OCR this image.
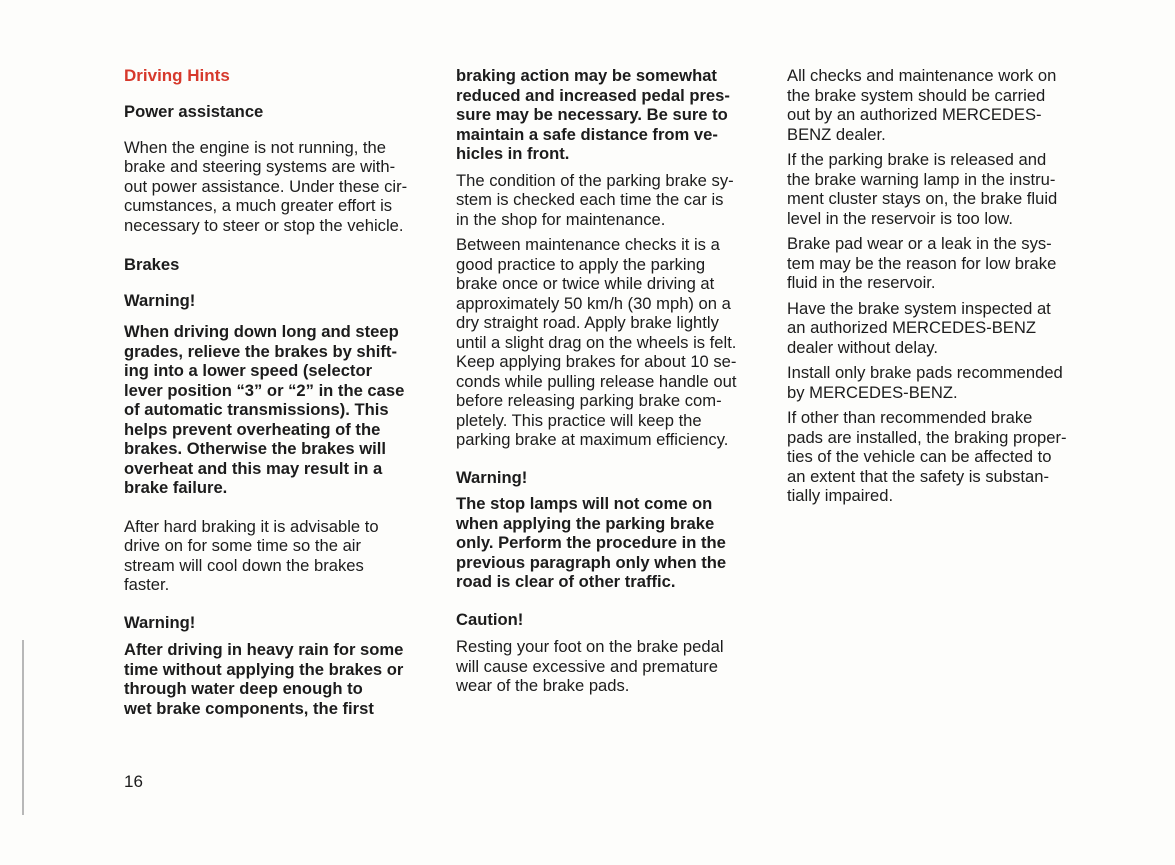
Driving Hints
Power assistance
When the engine is not running, the
brake and steering systems are with-
out power assistance. Under these cir-
cumstances, a much greater effort is
necessary to steer or stop the vehicle.
Brakes
Warning!
When driving down long and steep
grades, relieve the brakes by shift-
ing into a lower speed (selector
lever position “3” or “2” in the case
of automatic transmissions). This
helps prevent overheating of the
brakes. Otherwise the brakes will
overheat and this may result in a
brake failure.
After hard braking it is advisable to
drive on for some time so the air
stream will cool down the brakes
faster.
Warning!
After driving in heavy rain for some
time without applying the brakes or
through water deep enough to
wet brake components, the first
braking action may be somewhat
reduced and increased pedal pres-
sure may be necessary. Be sure to
maintain a safe distance from ve-
hicles in front.
The condition of the parking brake sy-
stem is checked each time the car is
in the shop for maintenance.
Between maintenance checks it is a
good practice to apply the parking
brake once or twice while driving at
approximately 50 km/h (30 mph) on a
dry straight road. Apply brake lightly
until a slight drag on the wheels is felt.
Keep applying brakes for about 10 se-
conds while pulling release handle out
before releasing parking brake com-
pletely. This practice will keep the
parking brake at maximum efficiency.
Warning!
The stop lamps will not come on
when applying the parking brake
only. Perform the procedure in the
previous paragraph only when the
road is clear of other traffic.
Caution!
Resting your foot on the brake pedal
will cause excessive and premature
wear of the brake pads.
All checks and maintenance work on
the brake system should be carried
out by an authorized MERCEDES-
BENZ dealer.
If the parking brake is released and
the brake warning lamp in the instru-
ment cluster stays on, the brake fluid
level in the reservoir is too low.
Brake pad wear or a leak in the sys-
tem may be the reason for low brake
fluid in the reservoir.
Have the brake system inspected at
an authorized MERCEDES-BENZ
dealer without delay.
Install only brake pads recommended
by MERCEDES-BENZ.
If other than recommended brake
pads are installed, the braking proper-
ties of the vehicle can be affected to
an extent that the safety is substan-
tially impaired.
16
